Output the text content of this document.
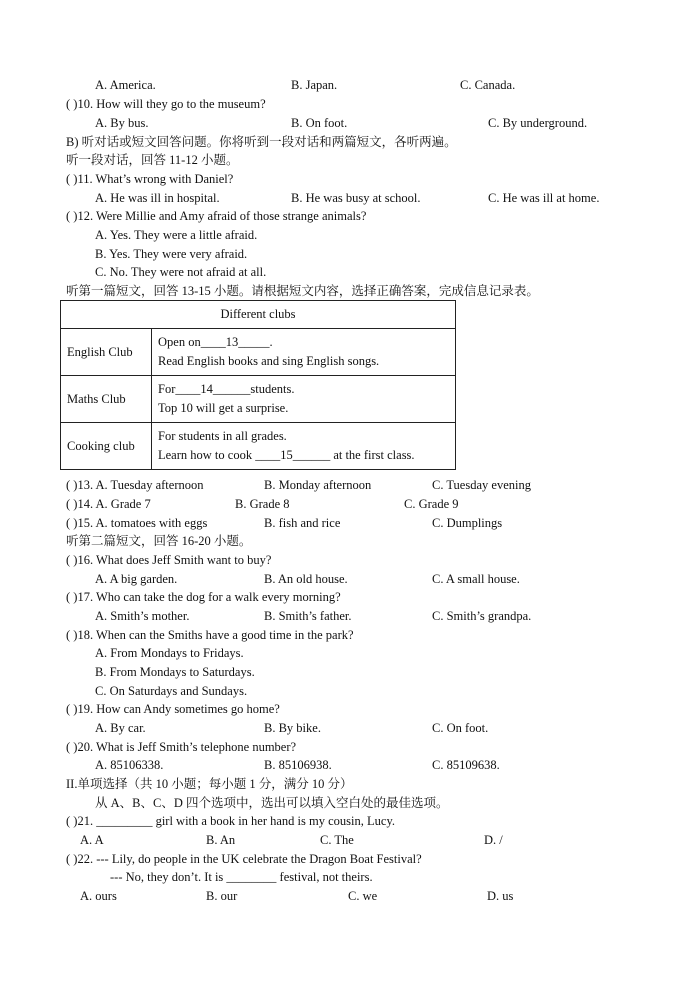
A. America.	B. Japan.	C. Canada.
( )10. How will they go to the museum?
A. By bus.	B. On foot.	C. By underground.
B) 听对话或短文回答问题。你将听到一段对话和两篇短文，各听两遍。
听一段对话，回答 11-12 小题。
( )11. What’s wrong with Daniel?
A. He was ill in hospital.	B. He was busy at school.	C. He was ill at home.
( )12. Were Millie and Amy afraid of those strange animals?
A. Yes. They were a little afraid.
B. Yes. They were very afraid.
C. No. They were not afraid at all.
听第一篇短文，回答 13-15 小题。请根据短文内容，选择正确答案，完成信息记录表。
( )13. A. Tuesday afternoon	B. Monday afternoon	C. Tuesday evening
( )14. A. Grade 7	B. Grade 8	C. Grade 9
( )15. A. tomatoes with eggs	B. fish and rice	C. Dumplings
听第二篇短文，回答 16-20 小题。
( )16. What does Jeff Smith want to buy?
A. A big garden.	B. An old house.	C. A small house.
( )17. Who can take the dog for a walk every morning?
A. Smith’s mother.	B. Smith’s father.	C. Smith’s grandpa.
( )18. When can the Smiths have a good time in the park?
A. From Mondays to Fridays.
B. From Mondays to Saturdays.
C. On Saturdays and Sundays.
( )19. How can Andy sometimes go home?
A. By car.	B. By bike.	C. On foot.
( )20. What is Jeff Smith’s telephone number?
A. 85106338.	B. 85106938.	C. 85109638.
II.单项选择（共 10 小题；每小题 1 分，满分 10 分）
从 A、B、C、D 四个选项中，选出可以填入空白处的最佳选项。
( )21. _________ girl with a book in her hand is my cousin, Lucy.
A. A	B. An	C. The	D. /
( )22. --- Lily, do people in the UK celebrate the Dragon Boat Festival?
--- No, they don’t. It is ________ festival, not theirs.
A. ours	B. our	C. we	D. us
Different clubs	
English Club	Open on____13_____.
Read English books and sing English songs.

Maths Club	For____14______students.
Top 10 will get a surprise.

Cooking club	For students in all grades.
Learn how to cook ____15______ at the first class.
